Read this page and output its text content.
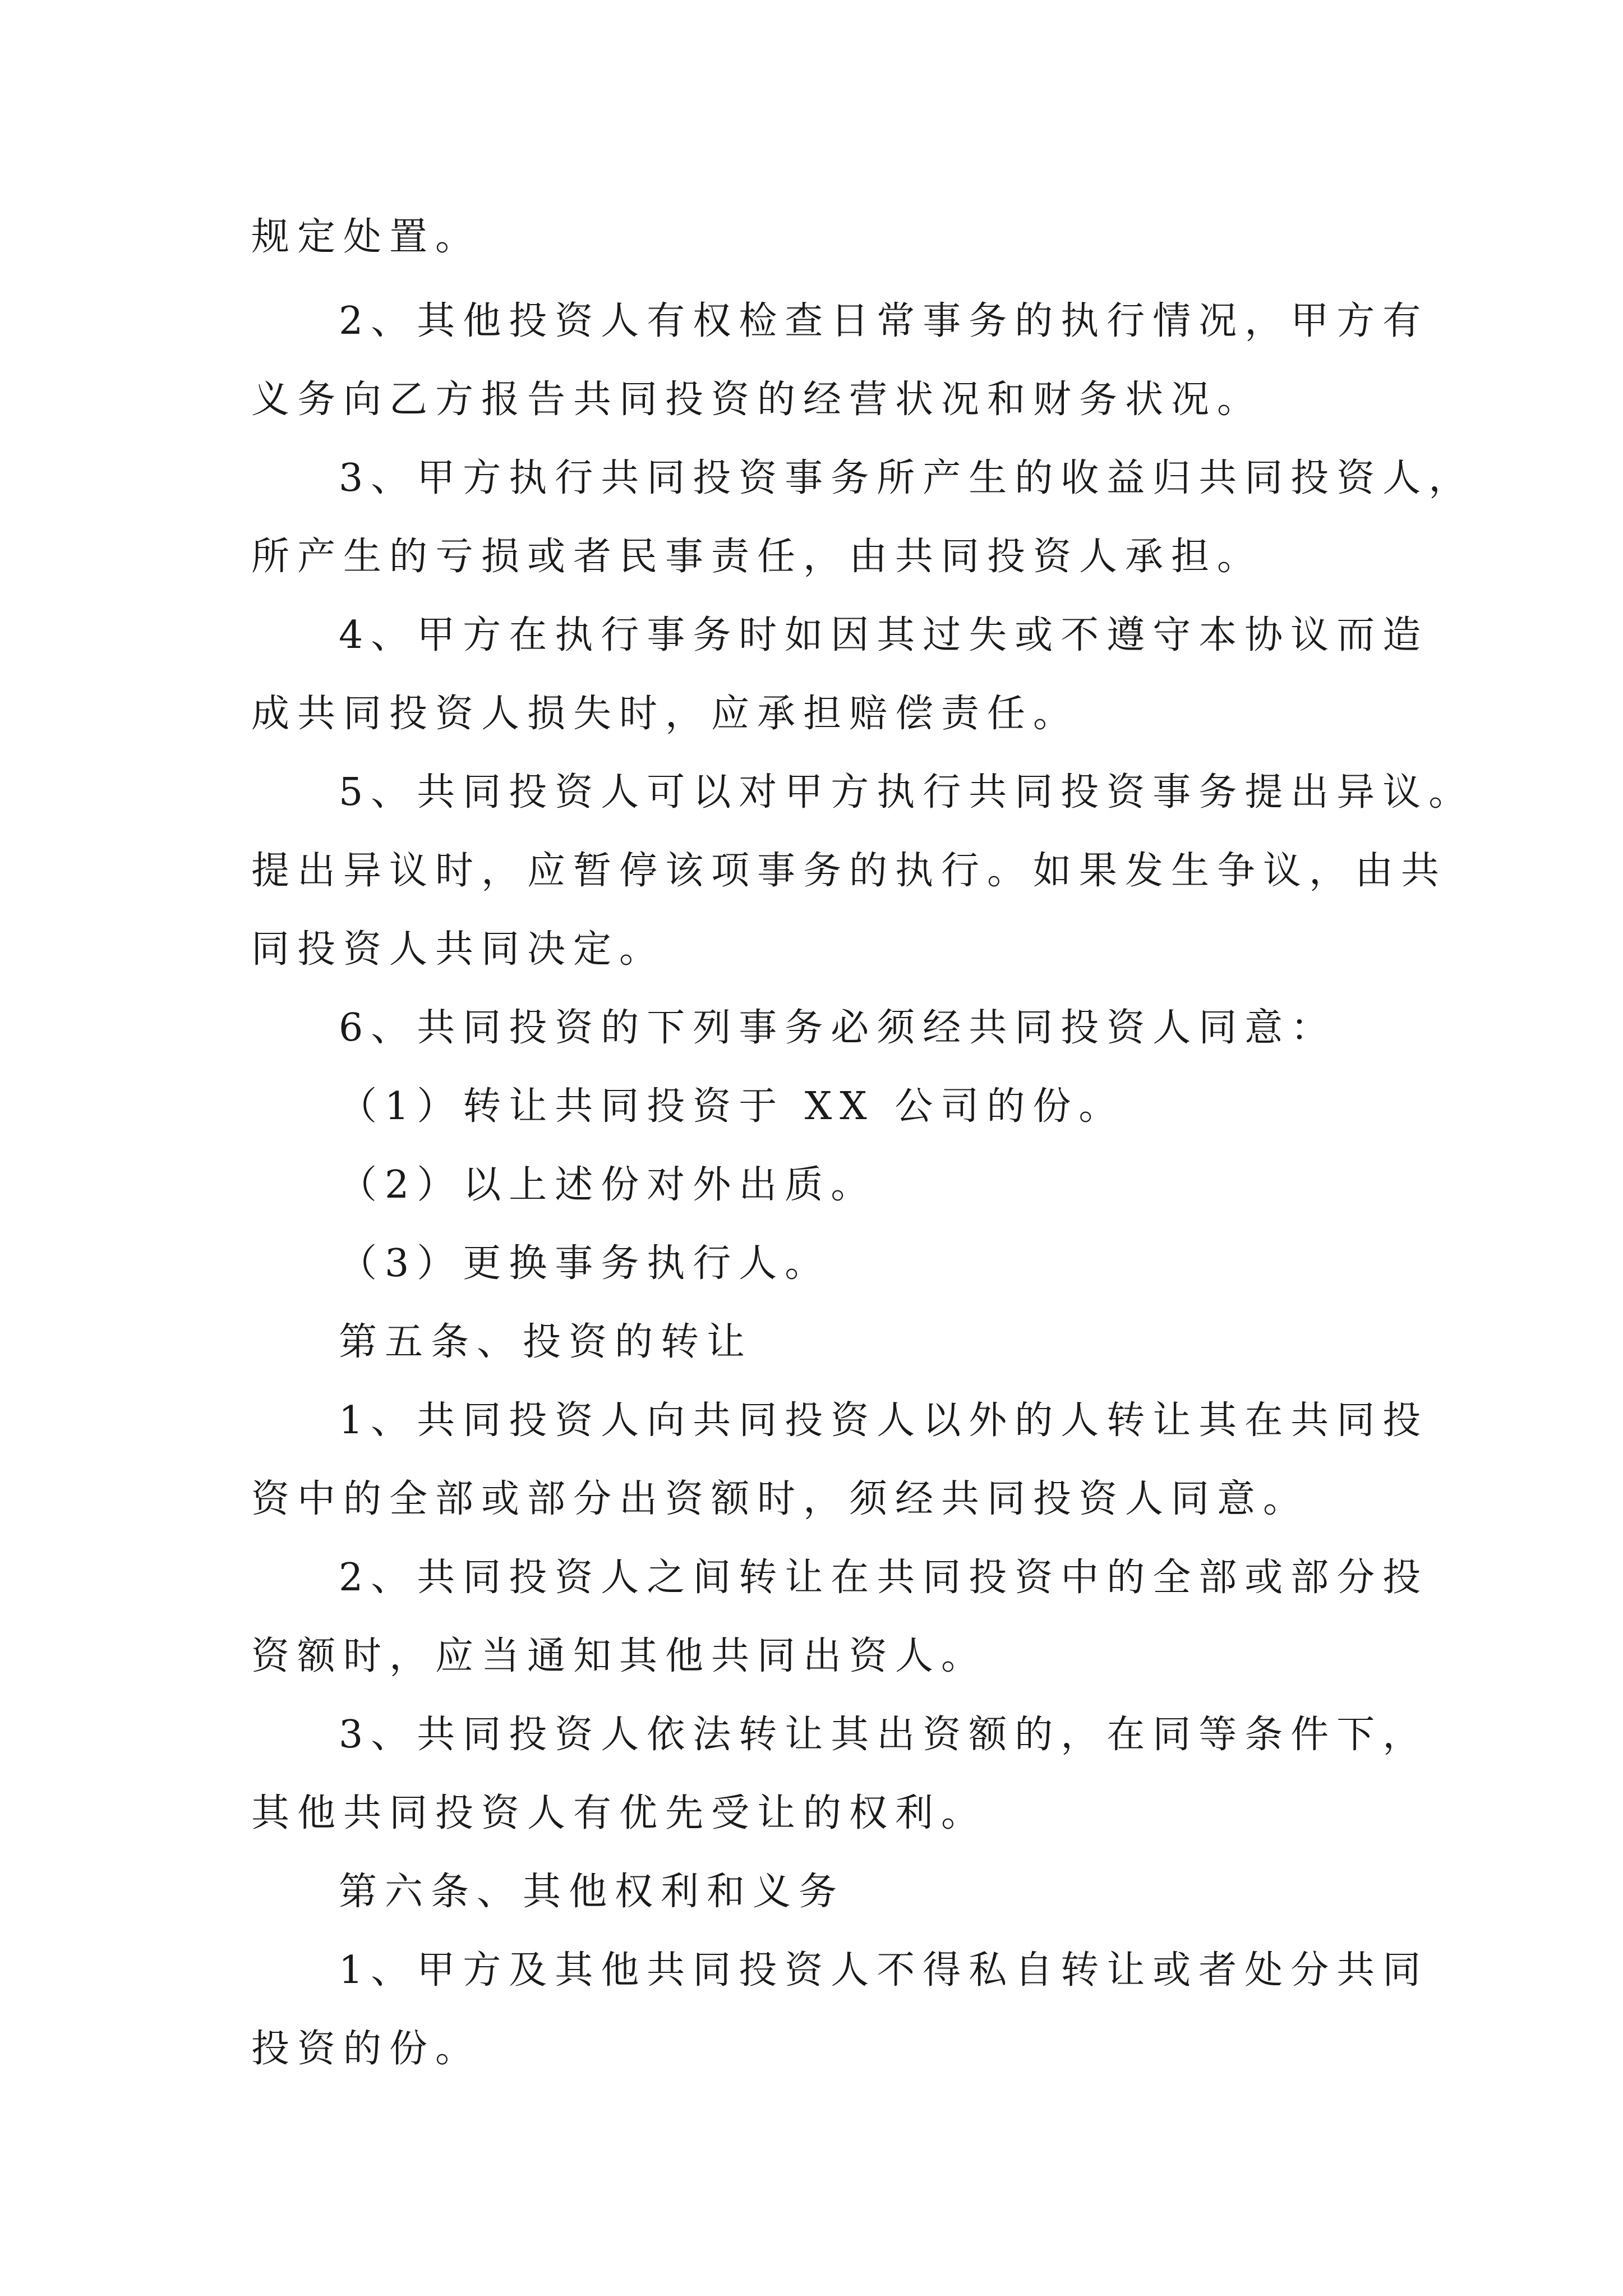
规定处置。
2、其他投资人有权检查日常事务的执行情况，甲方有
义务向乙方报告共同投资的经营状况和财务状况。
3、甲方执行共同投资事务所产生的收益归共同投资人，
所产生的亏损或者民事责任，由共同投资人承担。
4、甲方在执行事务时如因其过失或不遵守本协议而造
成共同投资人损失时，应承担赔偿责任。
5、共同投资人可以对甲方执行共同投资事务提出异议。
提出异议时，应暂停该项事务的执行。如果发生争议，由共
同投资人共同决定。
6、共同投资的下列事务必须经共同投资人同意：
（1）转让共同投资于 XX 公司的份。
（2）以上述份对外出质。
（3）更换事务执行人。
第五条、投资的转让
1、共同投资人向共同投资人以外的人转让其在共同投
资中的全部或部分出资额时，须经共同投资人同意。
2、共同投资人之间转让在共同投资中的全部或部分投
资额时，应当通知其他共同出资人。
3、共同投资人依法转让其出资额的，在同等条件下，
其他共同投资人有优先受让的权利。
第六条、其他权利和义务
1、甲方及其他共同投资人不得私自转让或者处分共同
投资的份。
